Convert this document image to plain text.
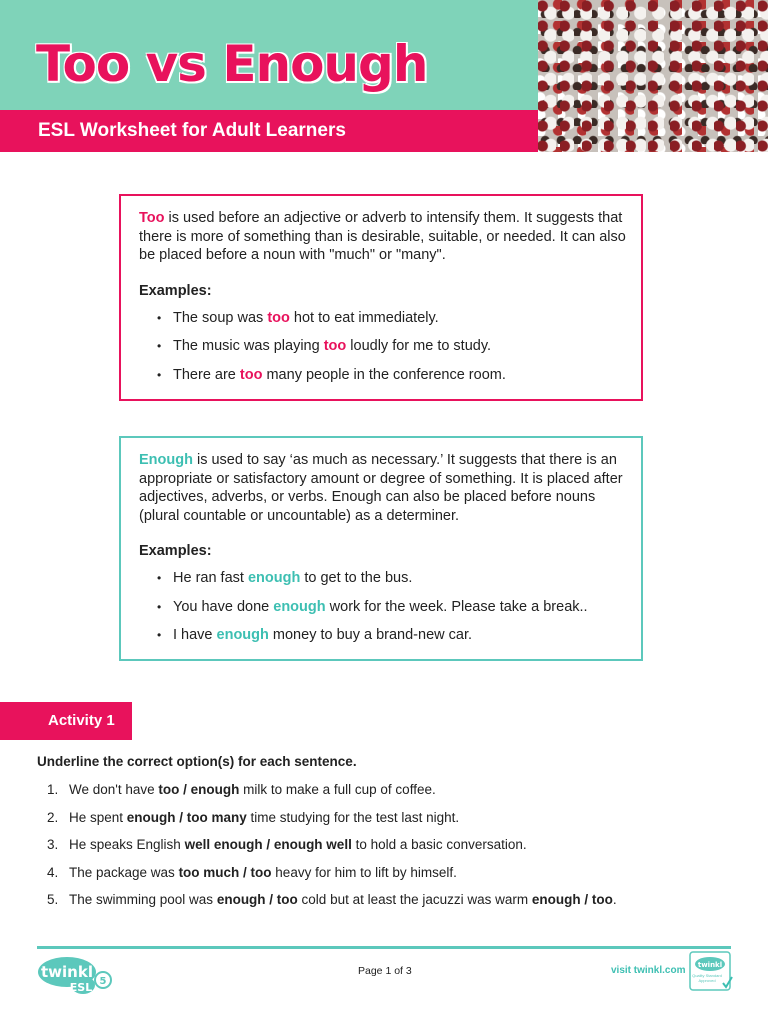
Too vs Enough
ESL Worksheet for Adult Learners

Too is used before an adjective or adverb to intensify them. It suggests that there is more of something than is desirable, suitable, or needed. It can also be placed before a noun with "much" or "many".

Examples:
• The soup was too hot to eat immediately.
• The music was playing too loudly for me to study.
• There are too many people in the conference room.

Enough is used to say ‘as much as necessary.’ It suggests that there is an appropriate or satisfactory amount or degree of something. It is placed after adjectives, adverbs, or verbs. Enough can also be placed before nouns (plural countable or uncountable) as a determiner.

Examples:
• He ran fast enough to get to the bus.
• You have done enough work for the week. Please take a break..
• I have enough money to buy a brand-new car.
Activity 1
Underline the correct option(s) for each sentence.
1. We don't have too / enough milk to make a full cup of coffee.
2. He spent enough / too many time studying for the test last night.
3. He speaks English well enough / enough well to hold a basic conversation.
4. The package was too much / too heavy for him to lift by himself.
5. The swimming pool was enough / too cold but at least the jacuzzi was warm enough / too.
5
twinkl
ESL
Page 1 of 3	visit twinkl.com twinkl
Quality Standard Approved
